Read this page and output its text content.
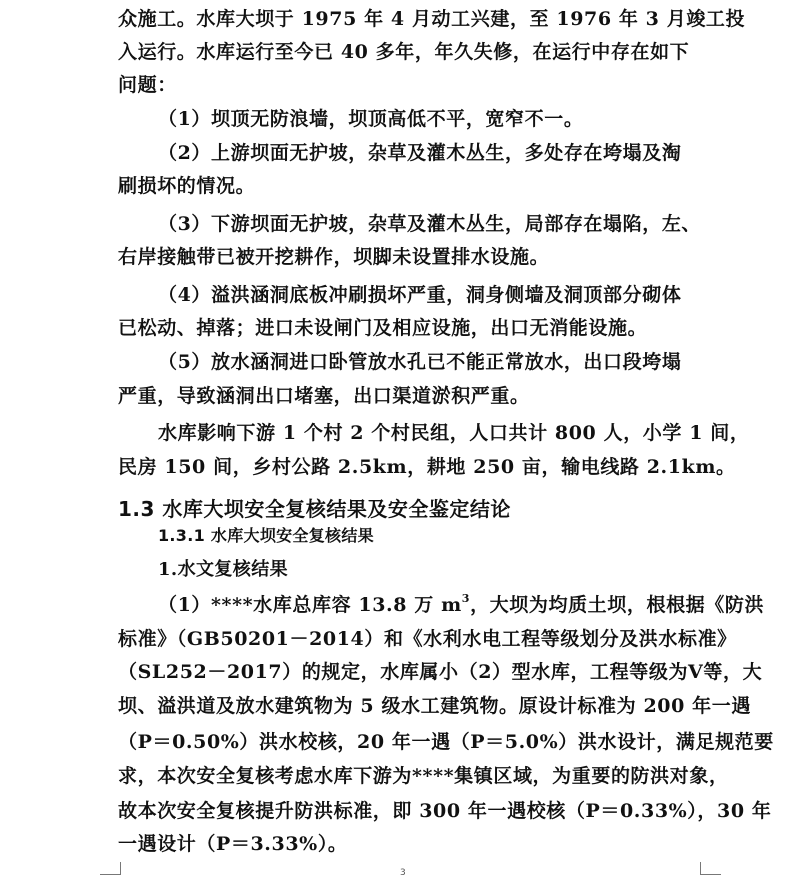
众施工。水库大坝于 1975 年 4 月动工兴建，至 1976 年 3 月竣工投
入运行。水库运行至今已 40 多年，年久失修，在运行中存在如下
问题：
（1）坝顶无防浪墙，坝顶高低不平，宽窄不一。
（2）上游坝面无护坡，杂草及灌木丛生，多处存在垮塌及淘
刷损坏的情况。
（3）下游坝面无护坡，杂草及灌木丛生，局部存在塌陷，左、
右岸接触带已被开挖耕作，坝脚未设置排水设施。
（4）溢洪涵洞底板冲刷损坏严重，洞身侧墙及洞顶部分砌体
已松动、掉落；进口未设闸门及相应设施，出口无消能设施。
（5）放水涵洞进口卧管放水孔已不能正常放水，出口段垮塌
严重，导致涵洞出口堵塞，出口渠道淤积严重。
水库影响下游 1 个村 2 个村民组，人口共计 800 人，小学 1 间，
民房 150 间，乡村公路 2.5km，耕地 250 亩，输电线路 2.1km。
1.3 水库大坝安全复核结果及安全鉴定结论
1.3.1 水库大坝安全复核结果
1.水文复核结果
（1）****水库总库容 13.8 万 $m^3$，大坝为均质土坝，根根据《防洪
标准》（GB50201－2014）和《水利水电工程等级划分及洪水标准》
（SL252－2017）的规定，水库属小（2）型水库，工程等级为Ⅴ等，大
坝、溢洪道及放水建筑物为 5 级水工建筑物。原设计标准为 200 年一遇
（P＝0.50%）洪水校核，20 年一遇（P＝5.0%）洪水设计，满足规范要
求，本次安全复核考虑水库下游为****集镇区域，为重要的防洪对象，
故本次安全复核提升防洪标准，即 300 年一遇校核（P＝0.33%），30 年
一遇设计（P＝3.33%）。
3
